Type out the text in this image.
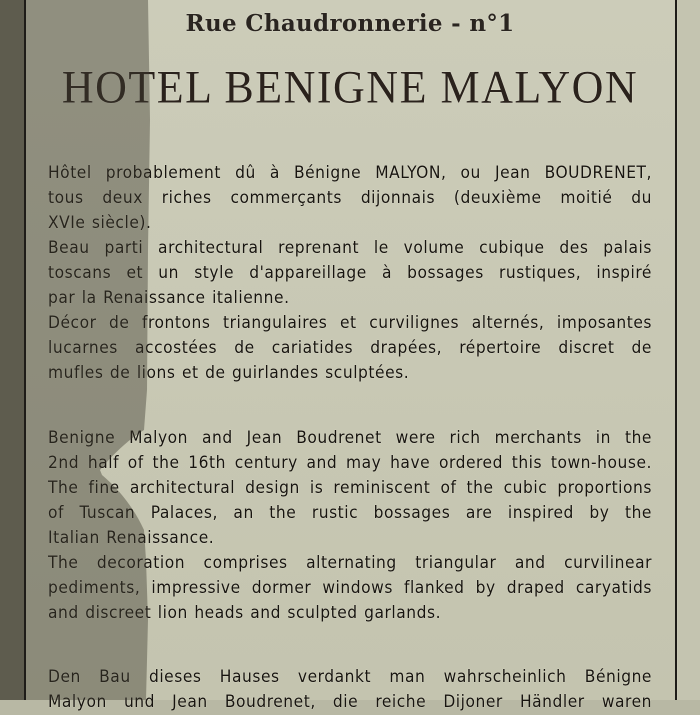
Rue Chaudronnerie - n°1
HOTEL BENIGNE MALYON
Hôtel probablement dû à Bénigne MALYON, ou Jean BOUDRENET,
tous deux riches commerçants dijonnais (deuxième moitié du
XVIe siècle).
Beau parti architectural reprenant le volume cubique des palais
toscans et un style d'appareillage à bossages rustiques, inspiré
par la Renaissance italienne.
Décor de frontons triangulaires et curvilignes alternés, imposantes
lucarnes accostées de cariatides drapées, répertoire discret de
mufles de lions et de guirlandes sculptées.
Benigne Malyon and Jean Boudrenet were rich merchants in the
2nd half of the 16th century and may have ordered this town-house.
The fine architectural design is reminiscent of the cubic proportions
of Tuscan Palaces, an the rustic bossages are inspired by the
Italian Renaissance.
The decoration comprises alternating triangular and curvilinear
pediments, impressive dormer windows flanked by draped caryatids
and discreet lion heads and sculpted garlands.
Den Bau dieses Hauses verdankt man wahrscheinlich Bénigne
Malyon und Jean Boudrenet, die reiche Dijoner Händler waren
